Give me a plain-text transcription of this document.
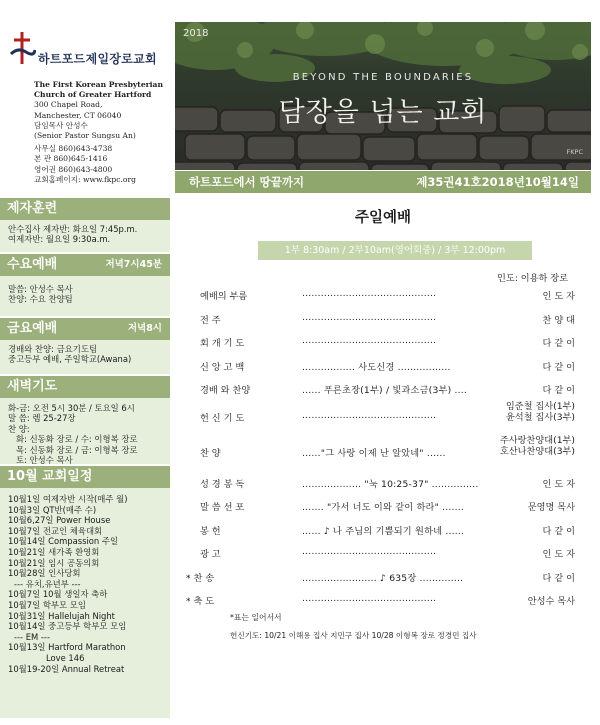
하트포드제일장로교회
The First Korean Presbyterian
Church of Greater Hartford
300 Chapel Road,
Manchester, CT 06040
담임목사 안성수
(Senior Pastor Sungsu An)
사무실 860)643-4738
본 관 860)645-1416
영어권 860)643-4800
교회홈페이지: www.fkpc.org
제자훈련
안수집사 제자반: 화요일 7:45p.m.
여제자반: 월요일 9:30a.m.
수요예배	저녁7시45분
말씀: 안성수 목사
찬양: 수요 찬양팀
금요예배	저녁8시
경배와 찬양: 금요기도팀
중고등부 예배, 주일학교(Awana)
새벽기도
화-금: 오전 5시 30분 / 토요일 6시
말 씀: 렘 25-27장
찬 양:
화: 신동화 장로 / 수: 이형복 장로
목: 신동화 장로 / 금: 이형복 장로
토: 안성수 목사
10월 교회일정
10월1일 여제자반 시작(매주 월)
10월3일 QT반(매주 수)
10월6,27일 Power House
10월7일 전교인 체육대회
10월14일 Compassion 주일
10월21일 새가족 환영회
10월21일 임시 공동의회
10월28일 인사당회
--- 유치,유년부 ---
10월7일 10월 생일자 축하
10월7일 학부모 모임
10월31일 Hallelujah Night
10월14일 중고등부 학부모 모임
--- EM ---
10월13일 Hartford Marathon
Love 146
10월19-20일 Annual Retreat
2018
BEYOND THE BOUNDARIES
담장을 넘는 교회
FKPC
하트포드에서 땅끝까지	제35권41호2018년10월14일
주일예배
1부 8:30am / 2부10am(영어회중) / 3부 12:00pm
인도: 이용하 장로
예배의 부름	...........................................	인 도 자
전 주	...........................................	찬 양 대
회 개 기 도	...........................................	다 같 이
신 앙 고 백	................. 사도신경 .................	다 같 이
경배 와 찬양	...... 푸른초장(1부) / 빛과소금(3부) ....	다 같 이
헌 신 기 도	...........................................
임준철 집사(1부)
윤석철 집사(3부)
찬 양	......"그 사랑 이제 난 알았네" ......
주사랑찬양대(1부)
호산나찬양대(3부)
성 경 봉 독	................... "눅 10:25-37" ...............	인 도 자
말 씀 선 포	....... "가서 너도 이와 같이 하라" .......	문영명 목사
봉 헌	...... ♪ 나 주님의 기쁨되기 원하네 ......	다 같 이
광 고	...........................................	인 도 자
* 찬 송	........................ ♪ 635장 ..............	다 같 이
* 축 도	...........................................	안성수 목사
*표는 일어서서
헌신기도: 10/21 이해용 집사 지민구 집사 10/28 이형복 장로 정경민 집사
